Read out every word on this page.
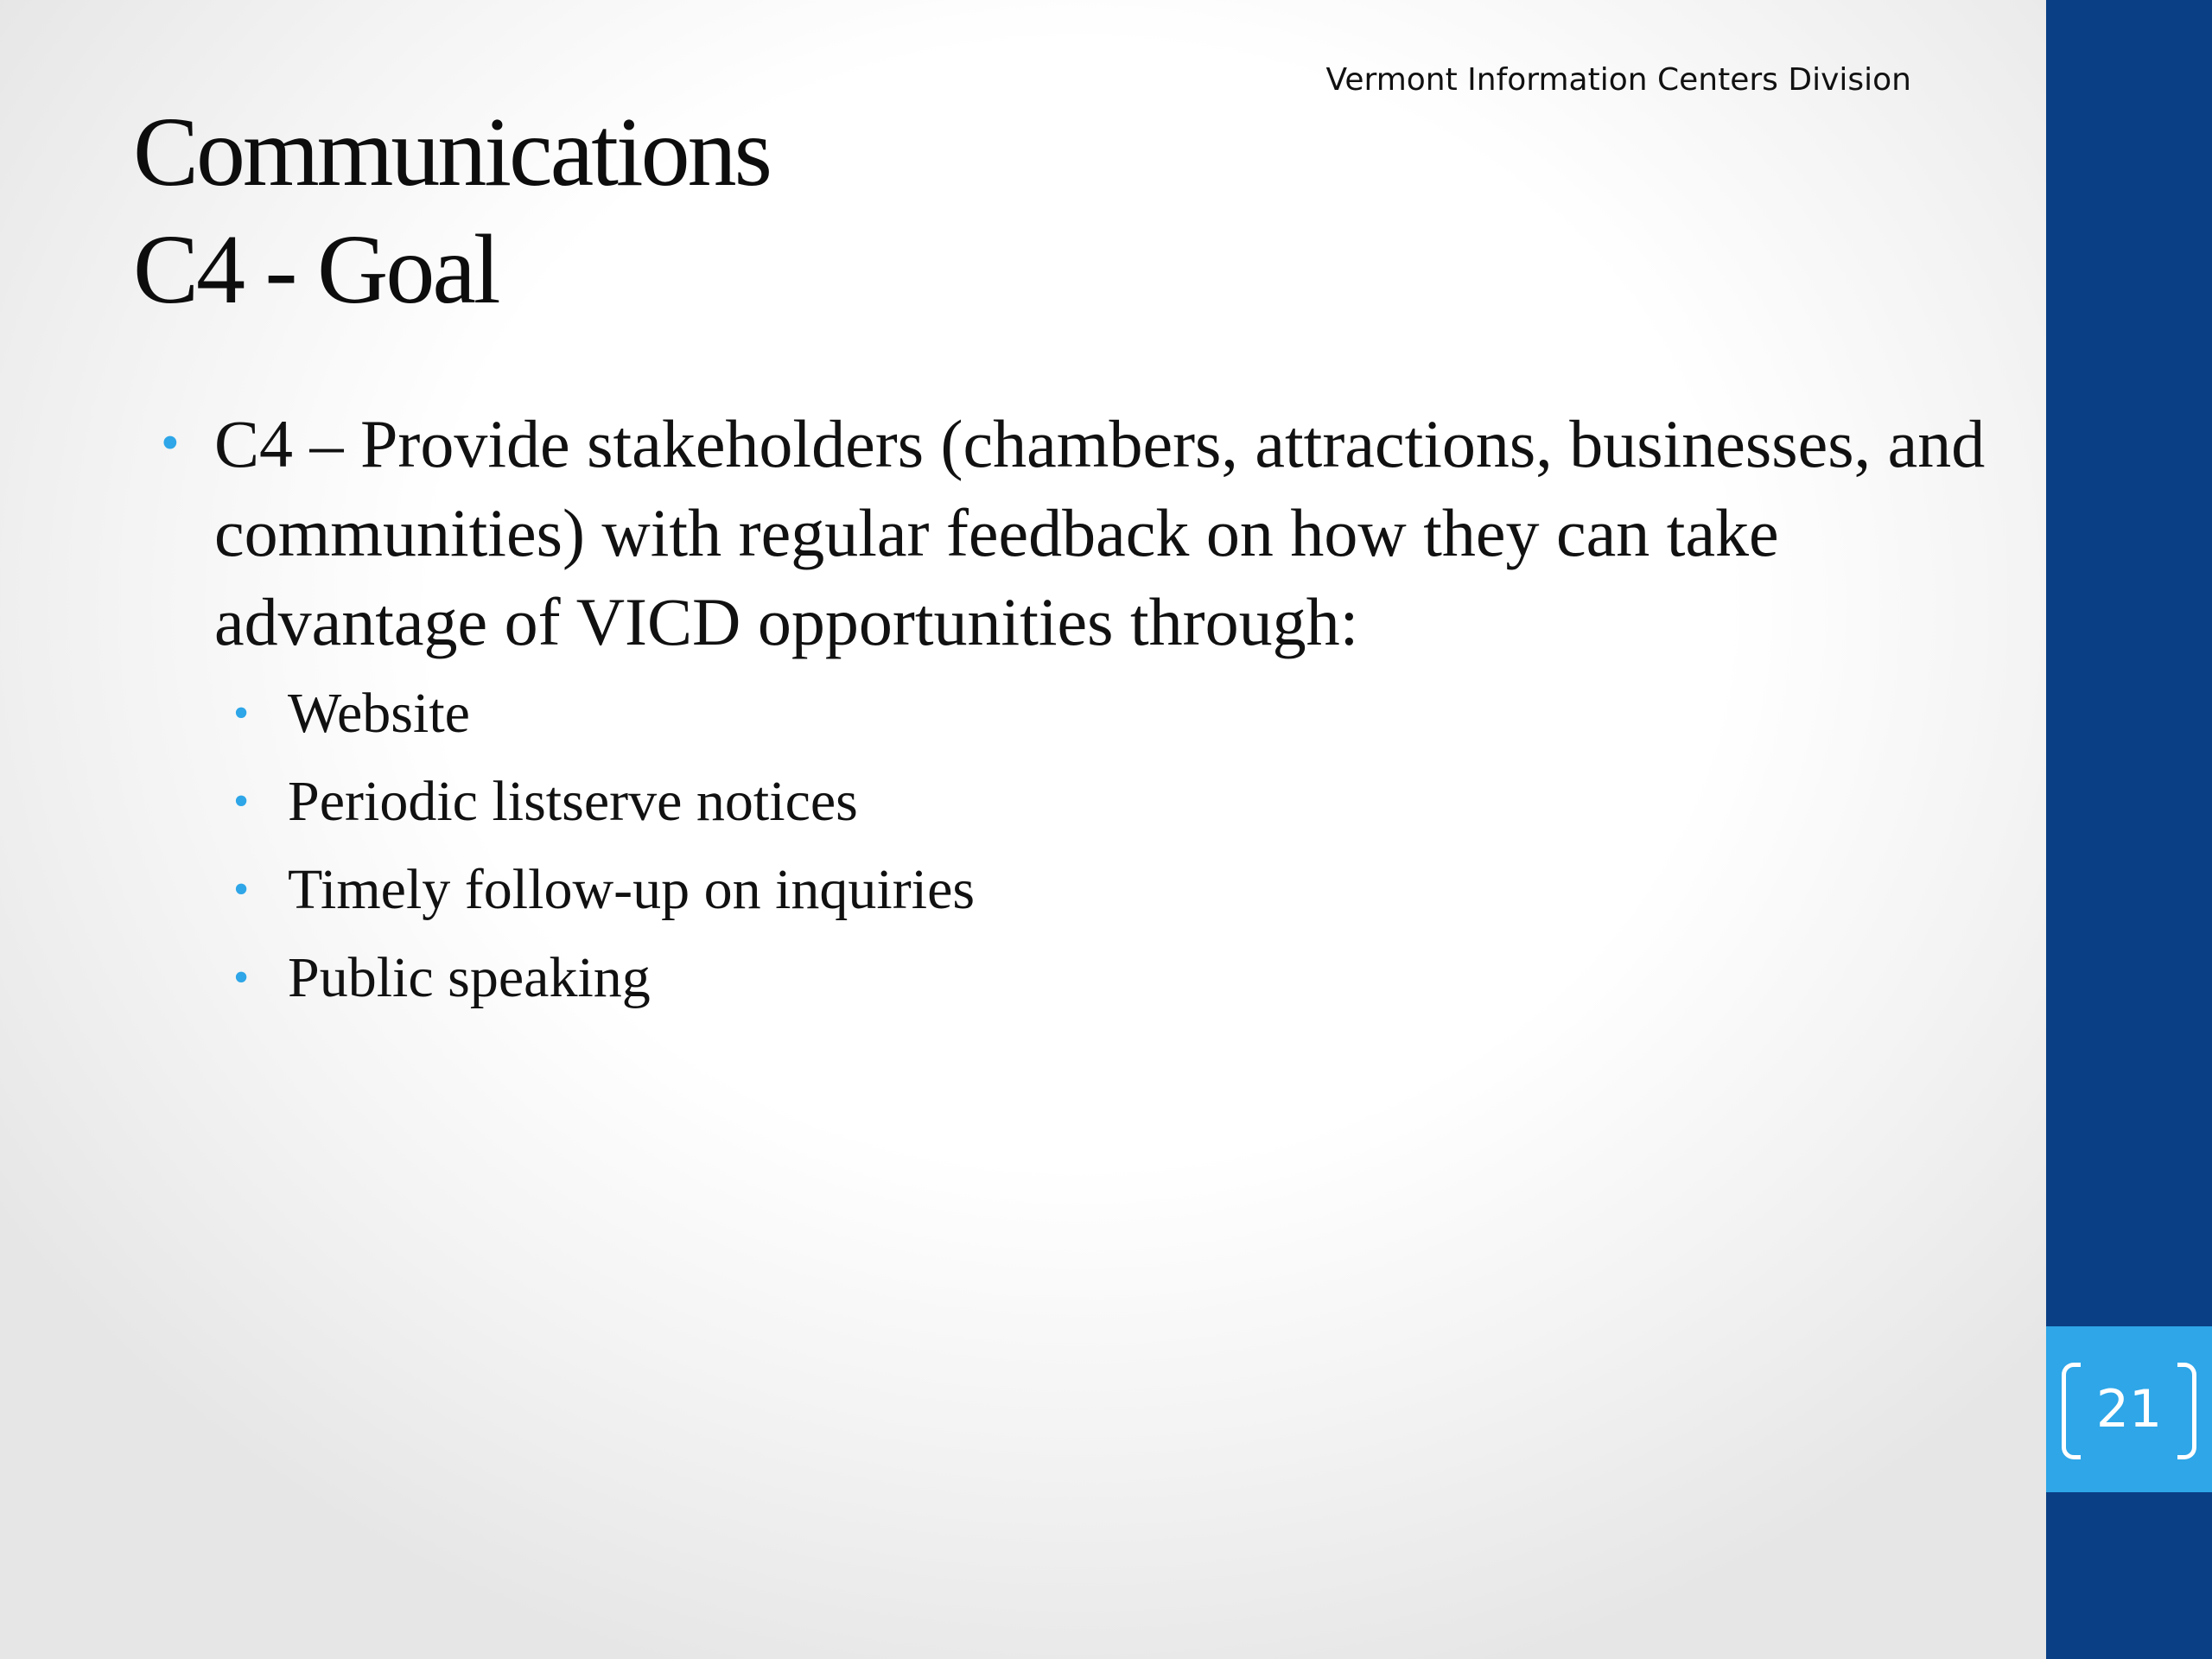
21
Vermont Information Centers Division
Communications
C4 - Goal
• C4 – Provide stakeholders (chambers, attractions, businesses, and communities) with regular feedback on how they can take advantage of VICD opportunities through:
• Website
• Periodic listserve notices
• Timely follow-up on inquiries
• Public speaking
